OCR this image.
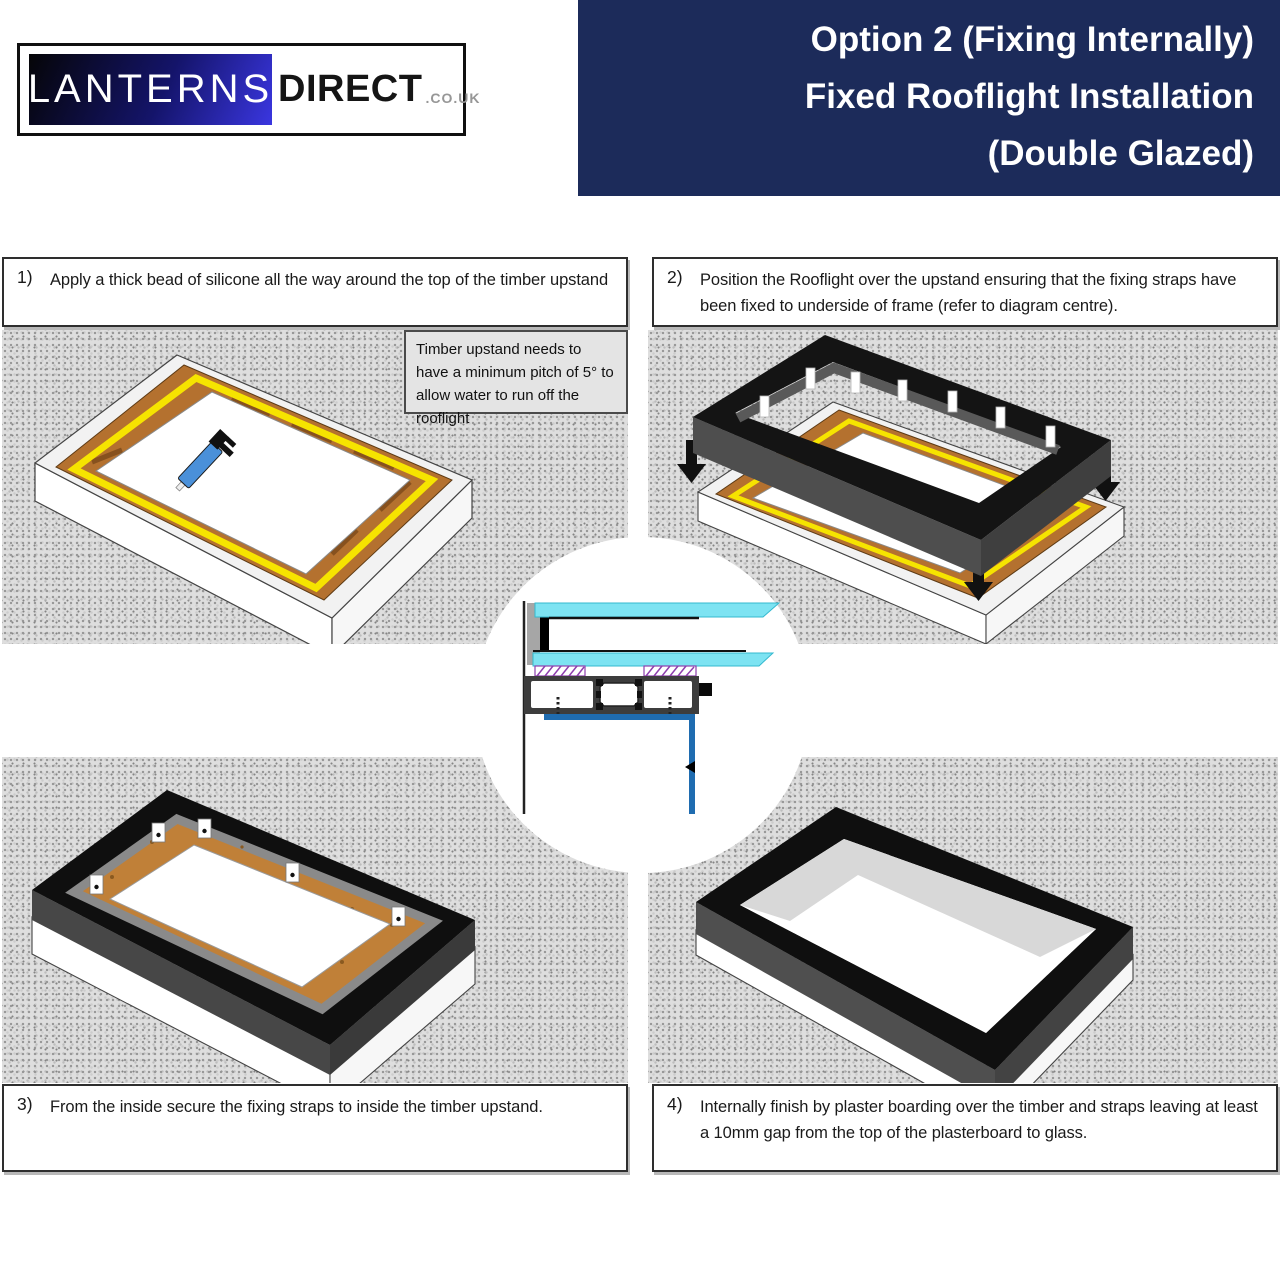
LANTERNS DIRECT .CO.UK
Option 2 (Fixing Internally)
Fixed Rooflight Installation
(Double Glazed)
1) Apply a thick bead of silicone all the way around the top of the timber upstand	2) Position the Rooflight over the upstand ensuring that the fixing straps have been fixed to underside of frame (refer to diagram centre).
3) From the inside secure the fixing straps to inside the timber upstand.	4) Internally finish by plaster boarding over the timber and straps leaving at least a 10mm gap from the top of the plasterboard to glass.
Timber upstand needs to have a minimum pitch of 5° to allow water to run off the rooflight
